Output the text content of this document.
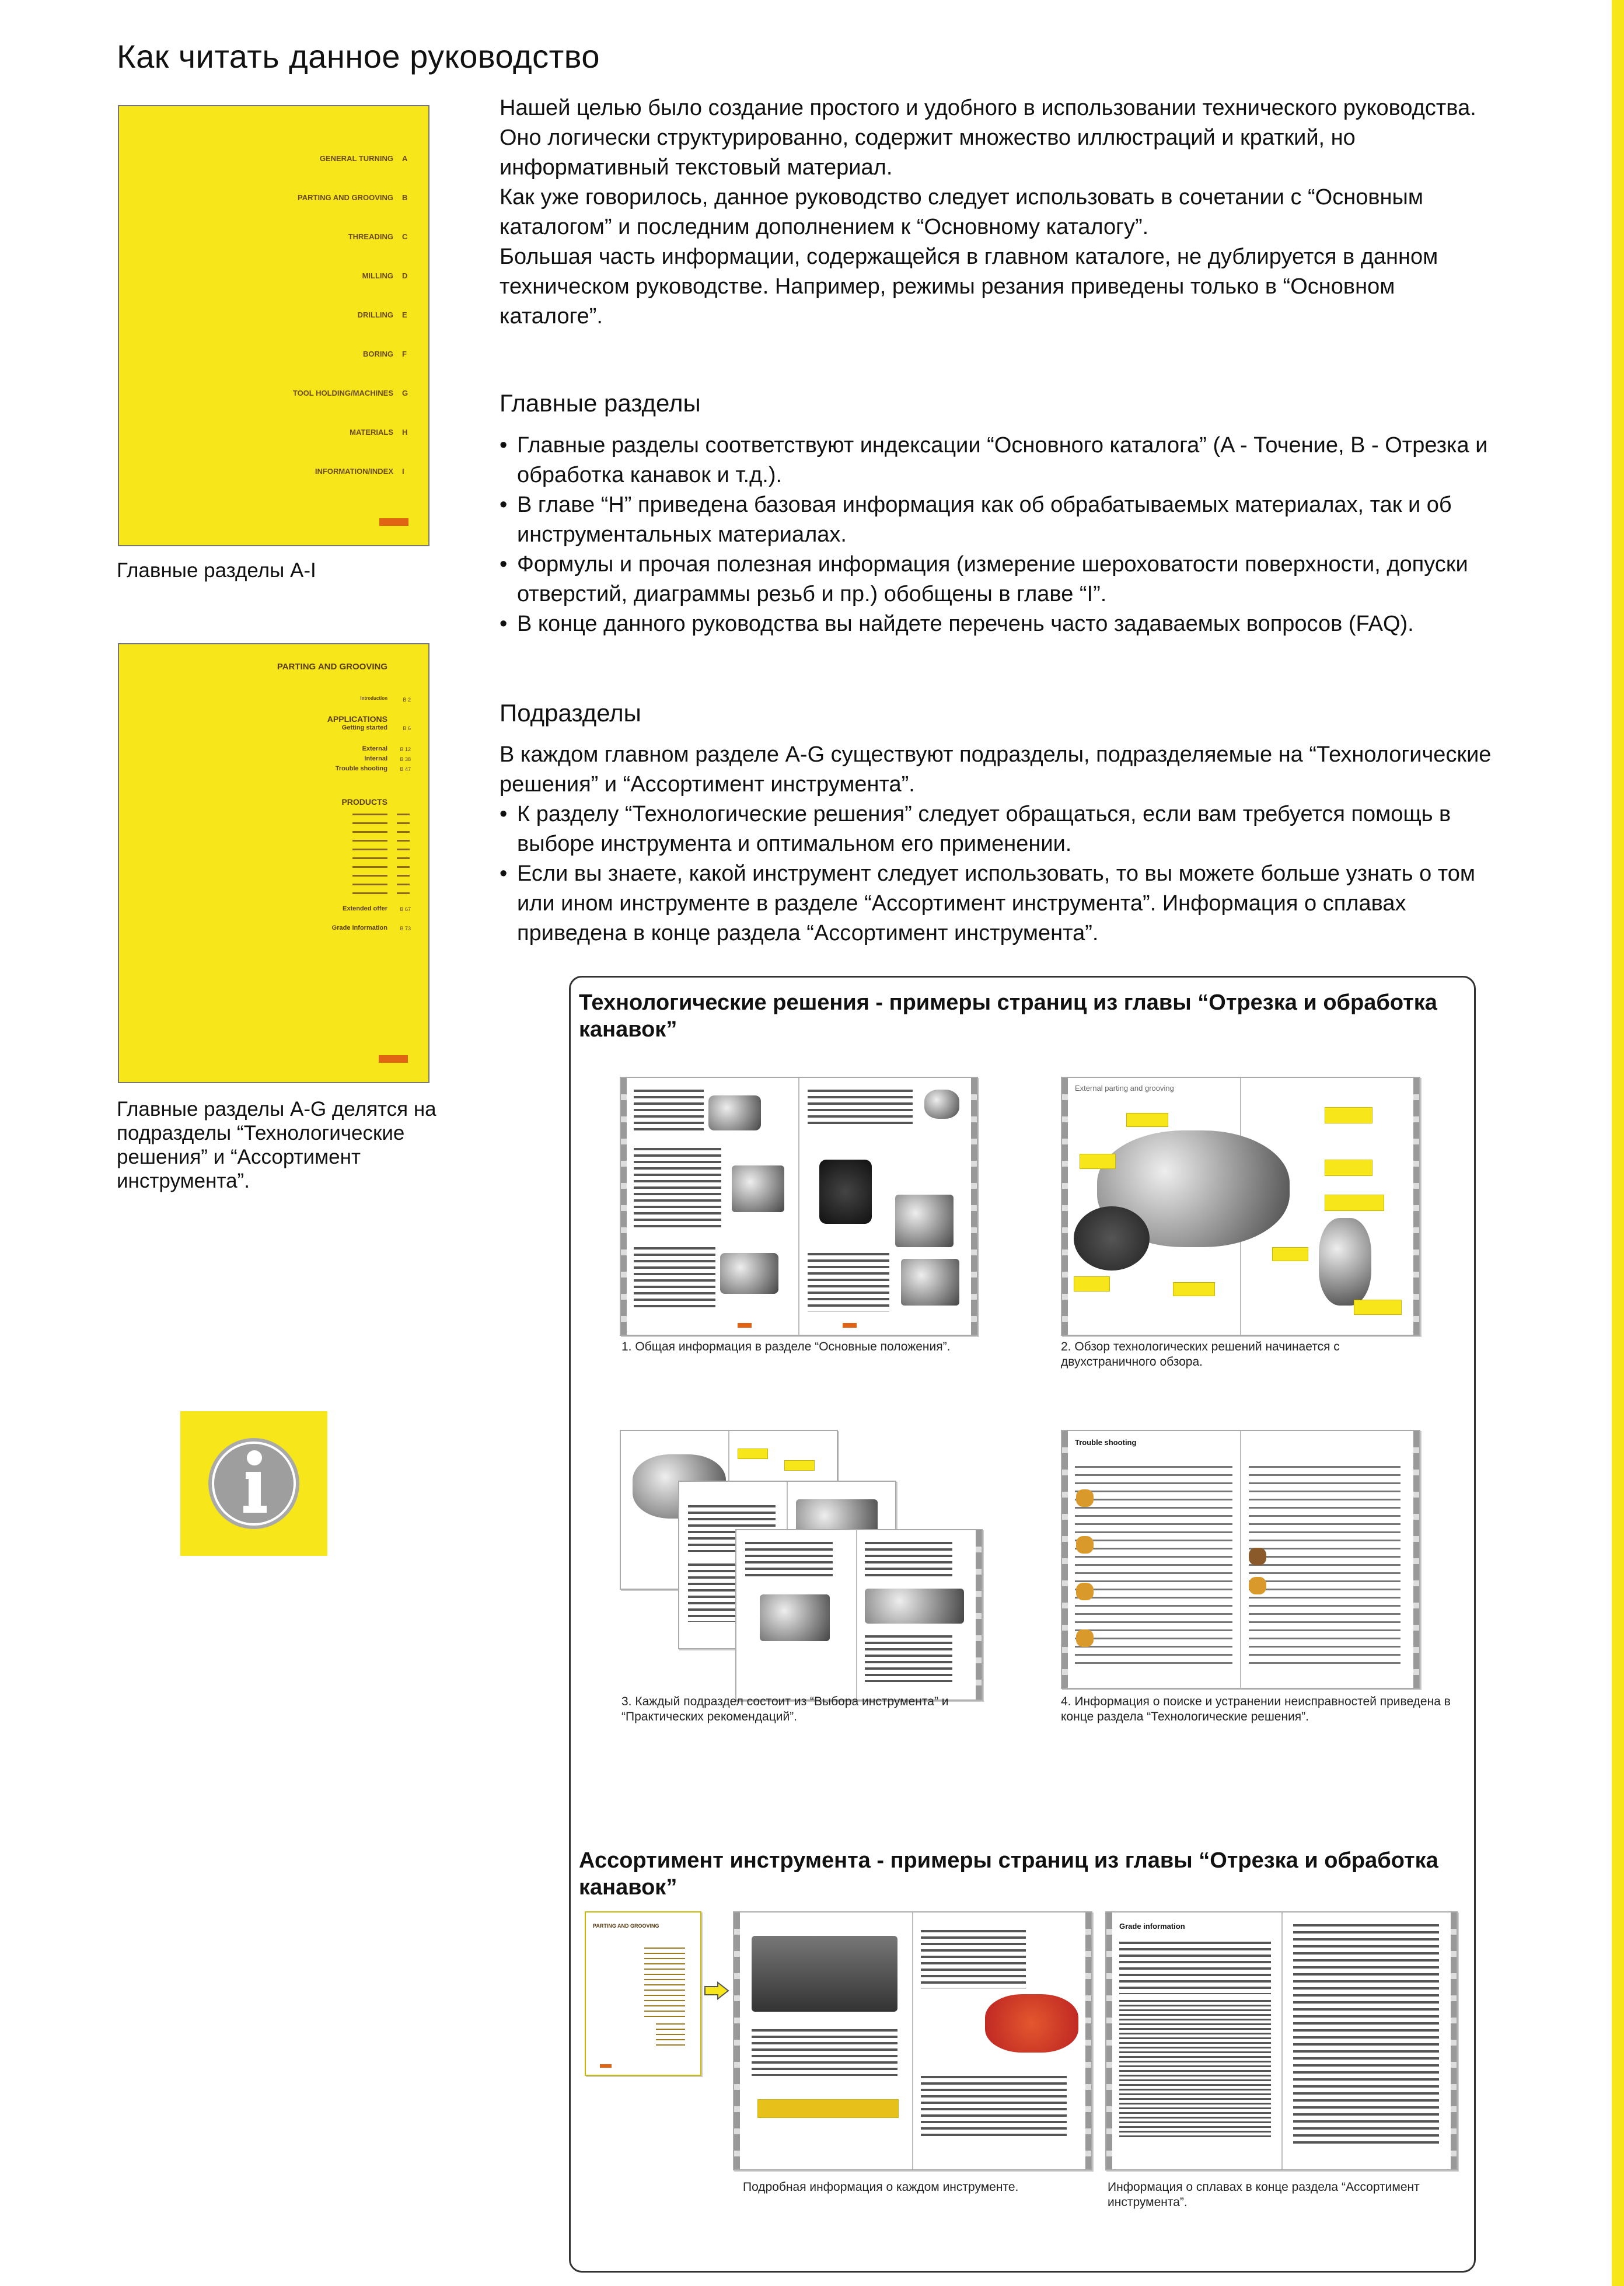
Как читать данное руководство
GENERAL TURNING A
PARTING AND GROOVING B
THREADING C
MILLING D
DRILLING E
BORING F
TOOL HOLDING/MACHINES G
MATERIALS H
INFORMATION/INDEX I
Главные разделы A-I
PARTING AND GROOVING
Introduction	B 2
APPLICATIONS
Getting started	B 6
External B 12
Internal B 38
Trouble shooting B 47
PRODUCTS
Extended offer B 67
Grade information B 73
Главные разделы A-G делятся на подразделы “Технологические решения” и “Ассортимент инструмента”.

Нашей целью было создание простого и удобного в использовании технического руководства. Оно логически структурированно, содержит множество иллюстраций и краткий, но информативный текстовый материал.

Как уже говорилось, данное руководство следует использовать в сочетании с “Основным каталогом” и последним дополнением к “Основному каталогу”.

Большая часть информации, содержащейся в главном каталоге, не дублируется в данном техническом руководстве. Например, режимы резания приведены только в “Основном каталоге”.

Главные разделы
• Главные разделы соответствуют индексации “Основного каталога” (A - Точение, B - Отрезка и обработка канавок и т.д.).
• В главе “H” приведена базовая информация как об обрабатываемых материалах, так и об инструментальных материалах.
• Формулы и прочая полезная информация (измерение шероховатости поверхности, допуски отверстий, диаграммы резьб и пр.) обобщены в главе “I”.
• В конце данного руководства вы найдете перечень часто задаваемых вопросов (FAQ).
Подразделы

В каждом главном разделе A-G существуют подразделы, подразделяемые на “Технологические решения” и “Ассортимент инструмента”.

• К разделу “Технологические решения” следует обращаться, если вам требуется помощь в выборе инструмента и оптимальном его применении.
• Если вы знаете, какой инструмент следует использовать, то вы можете больше узнать о том или ином инструменте в разделе “Ассортимент инструмента”. Информация о сплавах приведена в конце раздела “Ассортимент инструмента”.
Технологические решения - примеры страниц из главы “Отрезка и обработка канавок”
1. Общая информация в разделе “Основные положения”.
External parting and grooving
2. Обзор технологических решений начинается с двухстраничного обзора.
3. Каждый подраздел состоит из “Выбора инструмента” и “Практических рекомендаций”.
Trouble shooting
4. Информация о поиске и устранении неисправностей приведена в конце раздела “Технологические решения”.
Ассортимент инструмента - примеры страниц из главы “Отрезка и обработка канавок”
PARTING AND GROOVING
Подробная информация о каждом инструменте.
Grade information
Информация о сплавах в конце раздела “Ассортимент инструмента”.
